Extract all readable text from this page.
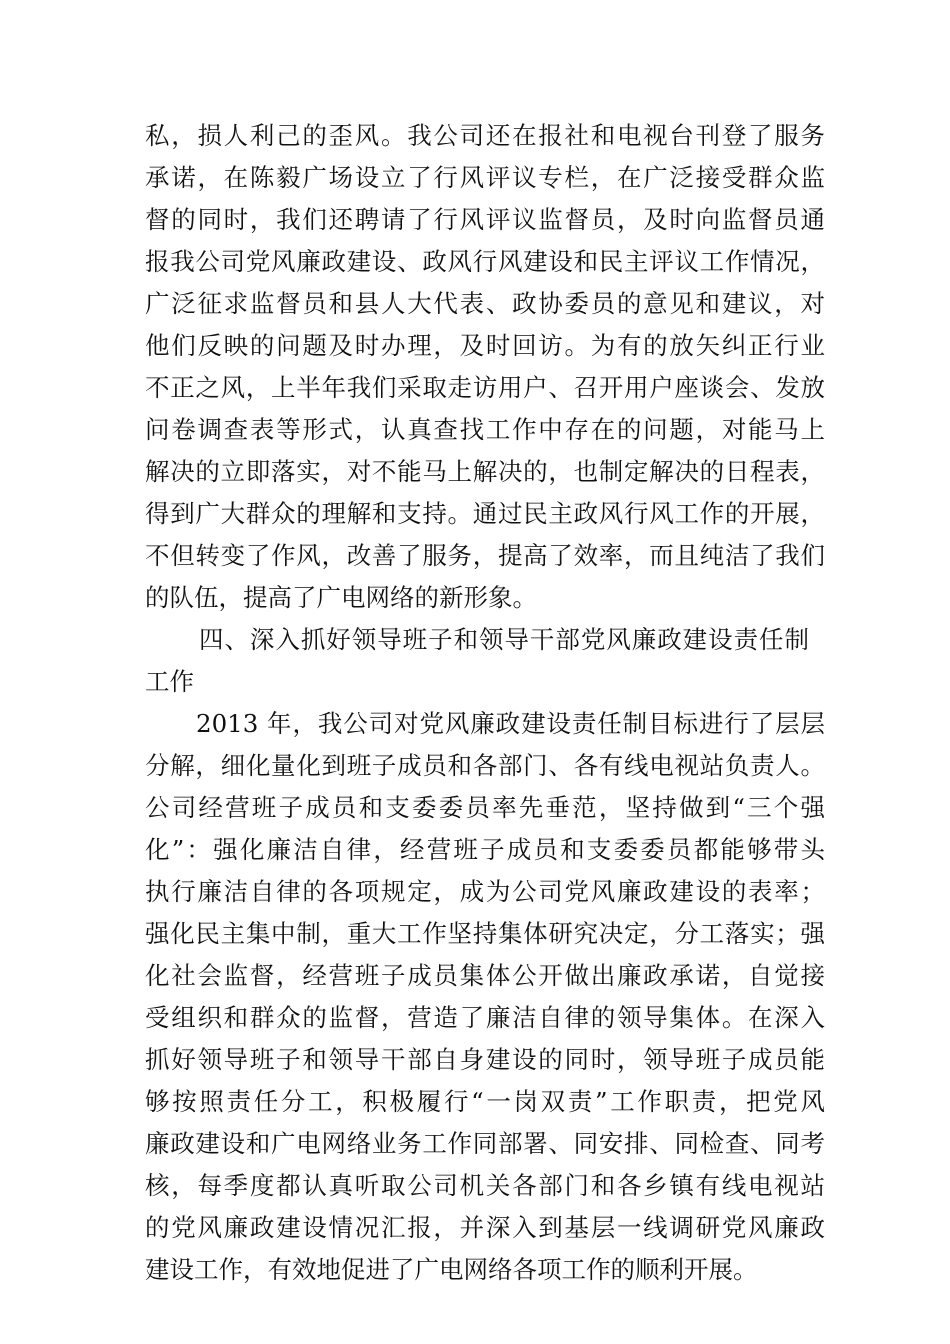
私，损人利己的歪风。我公司还在报社和电视台刊登了服务
承诺，在陈毅广场设立了行风评议专栏，在广泛接受群众监
督的同时，我们还聘请了行风评议监督员，及时向监督员通
报我公司党风廉政建设、政风行风建设和民主评议工作情况，
广泛征求监督员和县人大代表、政协委员的意见和建议，对
他们反映的问题及时办理，及时回访。为有的放矢纠正行业
不正之风，上半年我们采取走访用户、召开用户座谈会、发放
问卷调查表等形式，认真查找工作中存在的问题，对能马上
解决的立即落实，对不能马上解决的，也制定解决的日程表，
得到广大群众的理解和支持。通过民主政风行风工作的开展，
不但转变了作风，改善了服务，提高了效率，而且纯洁了我们
的队伍，提高了广电网络的新形象。
四、深入抓好领导班子和领导干部党风廉政建设责任制
工作
2013 年，我公司对党风廉政建设责任制目标进行了层层
分解，细化量化到班子成员和各部门、各有线电视站负责人。
公司经营班子成员和支委委员率先垂范，坚持做到“三个强
化”：强化廉洁自律，经营班子成员和支委委员都能够带头
执行廉洁自律的各项规定，成为公司党风廉政建设的表率；
强化民主集中制，重大工作坚持集体研究决定，分工落实；强
化社会监督，经营班子成员集体公开做出廉政承诺，自觉接
受组织和群众的监督，营造了廉洁自律的领导集体。在深入
抓好领导班子和领导干部自身建设的同时，领导班子成员能
够按照责任分工，积极履行“一岗双责”工作职责，把党风
廉政建设和广电网络业务工作同部署、同安排、同检查、同考
核，每季度都认真听取公司机关各部门和各乡镇有线电视站
的党风廉政建设情况汇报，并深入到基层一线调研党风廉政
建设工作，有效地促进了广电网络各项工作的顺利开展。
